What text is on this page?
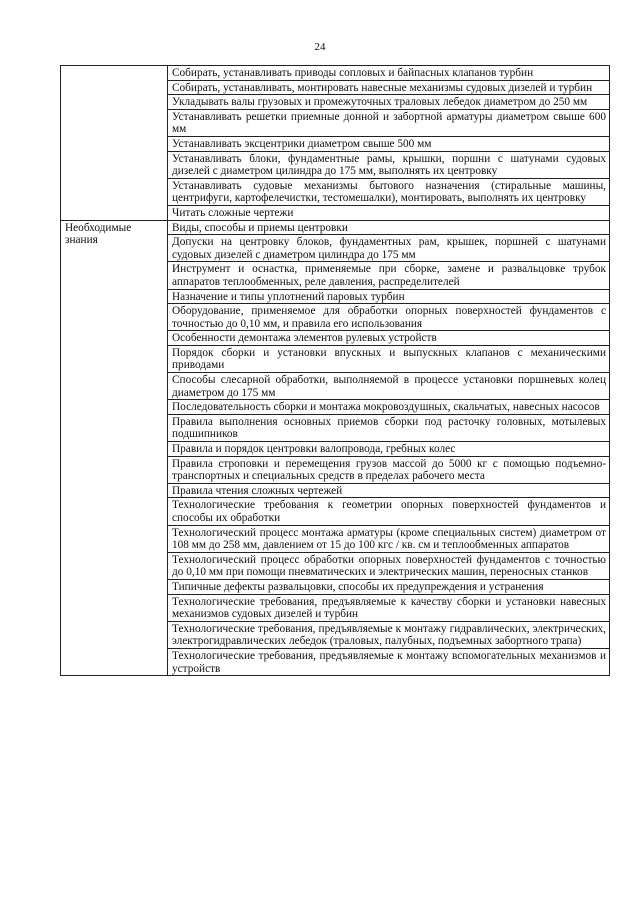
24
	Собирать, устанавливать приводы сопловых и байпасных клапанов турбин
	Собирать, устанавливать, монтировать навесные механизмы судовых дизелей и турбин
	Укладывать валы грузовых и промежуточных траловых лебедок диаметром до 250 мм
	Устанавливать решетки приемные донной и забортной арматуры диаметром свыше 600 мм
	Устанавливать эксцентрики диаметром свыше 500 мм
	Устанавливать блоки, фундаментные рамы, крышки, поршни с шатунами судовых дизелей с диаметром цилиндра до 175 мм, выполнять их центровку
	Устанавливать судовые механизмы бытового назначения (стиральные машины, центрифуги, картофелечистки, тестомешалки), монтировать, выполнять их центровку
	Читать сложные чертежи
Необходимые знания	Виды, способы и приемы центровки
	Допуски на центровку блоков, фундаментных рам, крышек, поршней с шатунами судовых дизелей с диаметром цилиндра до 175 мм
	Инструмент и оснастка, применяемые при сборке, замене и развальцовке трубок аппаратов теплообменных, реле давления, распределителей
	Назначение и типы уплотнений паровых турбин
	Оборудование, применяемое для обработки опорных поверхностей фундаментов с точностью до 0,10 мм, и правила его использования
	Особенности демонтажа элементов рулевых устройств
	Порядок сборки и установки впускных и выпускных клапанов с механическими приводами
	Способы слесарной обработки, выполняемой в процессе установки поршневых колец диаметром до 175 мм
	Последовательность сборки и монтажа мокровоздушных, скальчатых, навесных насосов
	Правила выполнения основных приемов сборки под расточку головных, мотылевых подшипников
	Правила и порядок центровки валопровода, гребных колес
	Правила строповки и перемещения грузов массой до 5000 кг с помощью подъемно-транспортных и специальных средств в пределах рабочего места
	Правила чтения сложных чертежей
	Технологические требования к геометрии опорных поверхностей фундаментов и способы их обработки
	Технологический процесс монтажа арматуры (кроме специальных систем) диаметром от 108 мм до 258 мм, давлением от 15 до 100 кгс / кв. см и теплообменных аппаратов
	Технологический процесс обработки опорных поверхностей фундаментов с точностью до 0,10 мм при помощи пневматических и электрических машин, переносных станков
	Типичные дефекты развальцовки, способы их предупреждения и устранения
	Технологические требования, предъявляемые к качеству сборки и установки навесных механизмов судовых дизелей и турбин
	Технологические требования, предъявляемые к монтажу гидравлических, электрических, электрогидравлических лебедок (траловых, палубных, подъемных забортного трапа)
	Технологические требования, предъявляемые к монтажу вспомогательных механизмов и устройств
